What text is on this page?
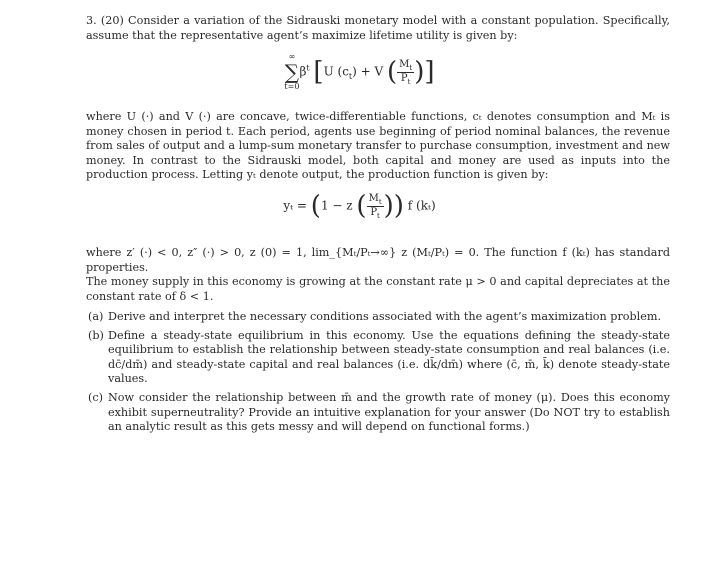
3. (20) Consider a variation of the Sidrauski monetary model with a constant population. Specifically, assume that the representative agent’s maximize lifetime utility is given by:

∞
∑
t=0
$\beta^t$ [U $(c_t) + V$ ( $\frac{M_t}{P_t}$ )]

where U (·) and V (·) are concave, twice-differentiable functions, cₜ denotes consumption and Mₜ is money chosen in period t. Each period, agents use beginning of period nominal balances, the revenue from sales of output and a lump-sum monetary transfer to purchase consumption, investment and new money. In contrast to the Sidrauski model, both capital and money are used as inputs into the production process. Letting yₜ denote output, the production function is given by:

yₜ = (1 − z ( $\frac{M_t}{P_t}$ )) f (kₜ)

where z′ (·) < 0, z″ (·) > 0, z (0) = 1, lim_{Mₜ/Pₜ→∞} z (Mₜ/Pₜ) = 0. The function f (kₜ) has standard properties.

The money supply in this economy is growing at the constant rate μ > 0 and capital depreciates at the constant rate of δ < 1.

(a) Derive and interpret the necessary conditions associated with the agent’s maximization problem.
(b) Define a steady-state equilibrium in this economy. Use the equations defining the steady-state equilibrium to establish the relationship between steady-state consumption and real balances (i.e. dc̄/dm̄) and steady-state capital and real balances (i.e. dk̄/dm̄) where (c̄, m̄, k̄) denote steady-state values.
(c) Now consider the relationship between m̄ and the growth rate of money (μ). Does this economy exhibit superneutrality? Provide an intuitive explanation for your answer (Do NOT try to establish an analytic result as this gets messy and will depend on functional forms.)
